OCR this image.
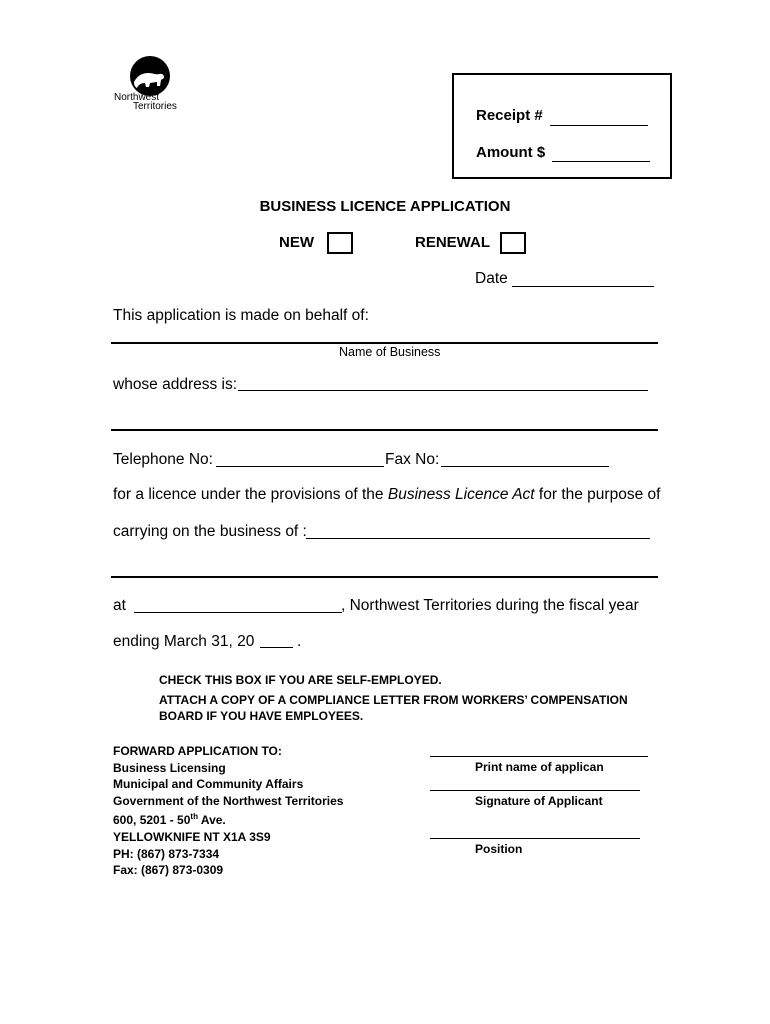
Northwest
Territories
Receipt #
Amount $
BUSINESS LICENCE APPLICATION
NEW	RENEWAL
Date
This application is made on behalf of:
Name of Business
whose address is:
Telephone No:	Fax No:
for a licence under the provisions of the Business Licence Act for the purpose of
carrying on the business of :
at	, Northwest Territories during the fiscal year
ending March 31, 20	.
CHECK THIS BOX IF YOU ARE SELF-EMPLOYED.
ATTACH A COPY OF A COMPLIANCE LETTER FROM WORKERS’ COMPENSATION
BOARD IF YOU HAVE EMPLOYEES.
FORWARD APPLICATION TO:
Business Licensing
Municipal and Community Affairs
Government of the Northwest Territories
600, 5201 - 50th Ave.
YELLOWKNIFE NT X1A 3S9
PH: (867) 873-7334
Fax: (867) 873-0309
Print name of applican
Signature of Applicant
Position
